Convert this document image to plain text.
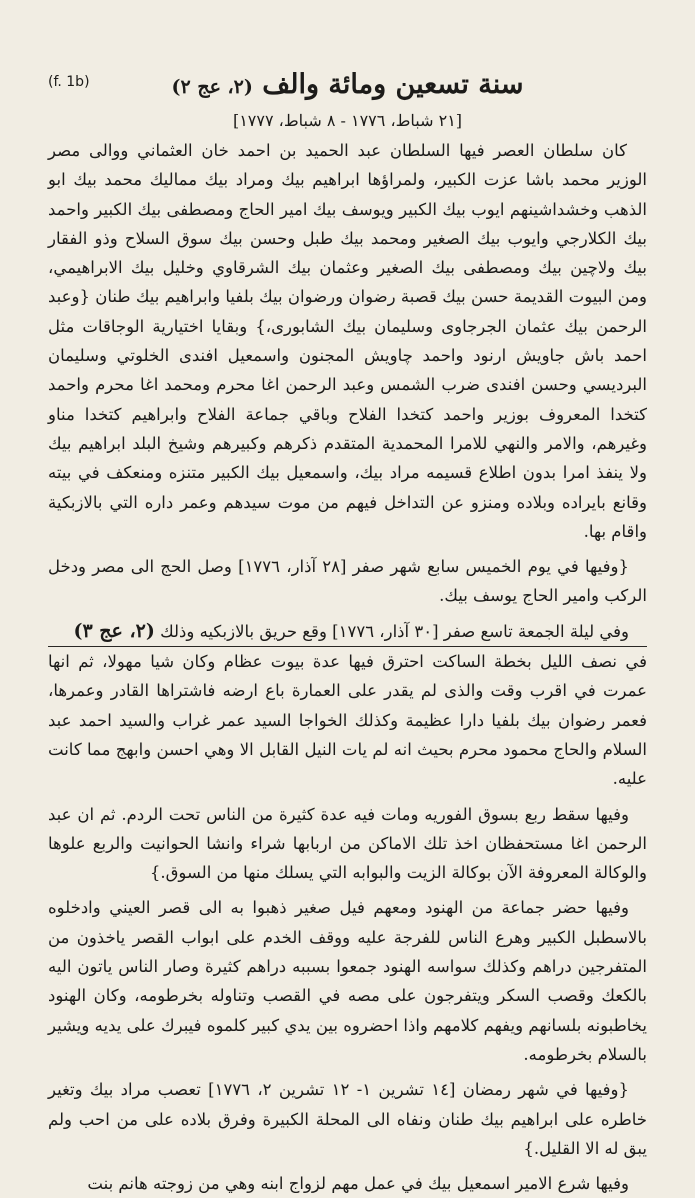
(f. 1b)	سنة تسعين ومائة والف (٢، عج ٢)
[٢١ شباط، ١٧٧٦ - ٨ شباط، ١٧٧٧]

كان سلطان العصر فيها السلطان عبد الحميد بن احمد خان العثماني ووالى مصر الوزير محمد باشا عزت الكبير، ولمراؤها ابراهيم بيك ومراد بيك مماليك محمد بيك ابو الذهب وخشداشينهم ايوب بيك الكبير ويوسف بيك امير الحاج ومصطفى بيك الكبير واحمد بيك الكلارجي وايوب بيك الصغير ومحمد بيك طبل وحسن بيك سوق السلاح وذو الفقار بيك ولاچين بيك ومصطفى بيك الصغير وعثمان بيك الشرقاوي وخليل بيك الابراهيمي، ومن البيوت القديمة حسن بيك قصبة رضوان ورضوان بيك بلفيا وابراهيم بيك طنان {وعبد الرحمن بيك عثمان الجرجاوى وسليمان بيك الشابورى،} وبقايا اختيارية الوجاقات مثل احمد باش جاويش ارنود واحمد چاويش المجنون واسمعيل افندى الخلوتي وسليمان البرديسي وحسن افندى ضرب الشمس وعبد الرحمن اغا محرم ومحمد اغا محرم واحمد كتخدا المعروف بوزير واحمد كتخدا الفلاح وباقي جماعة الفلاح وابراهيم كتخدا مناو وغيرهم، والامر والنهي للامرا المحمدية المتقدم ذكرهم وكبيرهم وشيخ البلد ابراهيم بيك ولا ينفذ امرا بدون اطلاع قسيمه مراد بيك، واسمعيل بيك الكبير متنزه ومنعكف في بيته وقانع بايراده وبلاده ومنزو عن التداخل فيهم من موت سيدهم وعمر داره التي بالازبكية واقام بها.

{وفيها في يوم الخميس سابع شهر صفر [٢٨ آذار، ١٧٧٦] وصل الحج الى مصر ودخل الركب وامير الحاج يوسف بيك.

وفي ليلة الجمعة تاسع صفر [٣٠ آذار، ١٧٧٦] وقع حريق بالازبكيه وذلك (٢، عج ٣)

في نصف الليل بخطة الساكت احترق فيها عدة بيوت عظام وكان شيا مهولا، ثم انها عمرت في اقرب وقت والذى لم يقدر على العمارة باع ارضه فاشتراها القادر وعمرها، فعمر رضوان بيك بلفيا دارا عظيمة وكذلك الخواجا السيد عمر غراب والسيد احمد عبد السلام والحاج محمود محرم بحيث انه لم يات النيل القابل الا وهي احسن وابهج مما كانت عليه.

وفيها سقط ربع بسوق الفوريه ومات فيه عدة كثيرة من الناس تحت الردم. ثم ان عبد الرحمن اغا مستحفظان اخذ تلك الاماكن من اربابها شراء وانشا الحوانيت والربع علوها والوكالة المعروفة الآن بوكالة الزيت والبوابه التي يسلك منها من السوق.}

وفيها حضر جماعة من الهنود ومعهم فيل صغير ذهبوا به الى قصر العيني وادخلوه بالاسطبل الكبير وهرع الناس للفرجة عليه ووقف الخدم على ابواب القصر ياخذون من المتفرجين دراهم وكذلك سواسه الهنود جمعوا بسببه دراهم كثيرة وصار الناس ياتون اليه بالكعك وقصب السكر ويتفرجون على مصه في القصب وتناوله بخرطومه، وكان الهنود يخاطبونه بلسانهم ويفهم كلامهم واذا احضروه بين يدي كبير كلموه فيبرك على يديه ويشير بالسلام بخرطومه.

{وفيها في شهر رمضان [١٤ تشرين ١- ١٢ تشرين ٢، ١٧٧٦] تعصب مراد بيك وتغير خاطره على ابراهيم بيك طنان ونفاه الى المحلة الكبيرة وفرق بلاده على من احب ولم يبق له الا القليل.}

وفيها شرع الامير اسمعيل بيك في عمل مهم لزواج ابنه وهي من زوجته هانم بنت
